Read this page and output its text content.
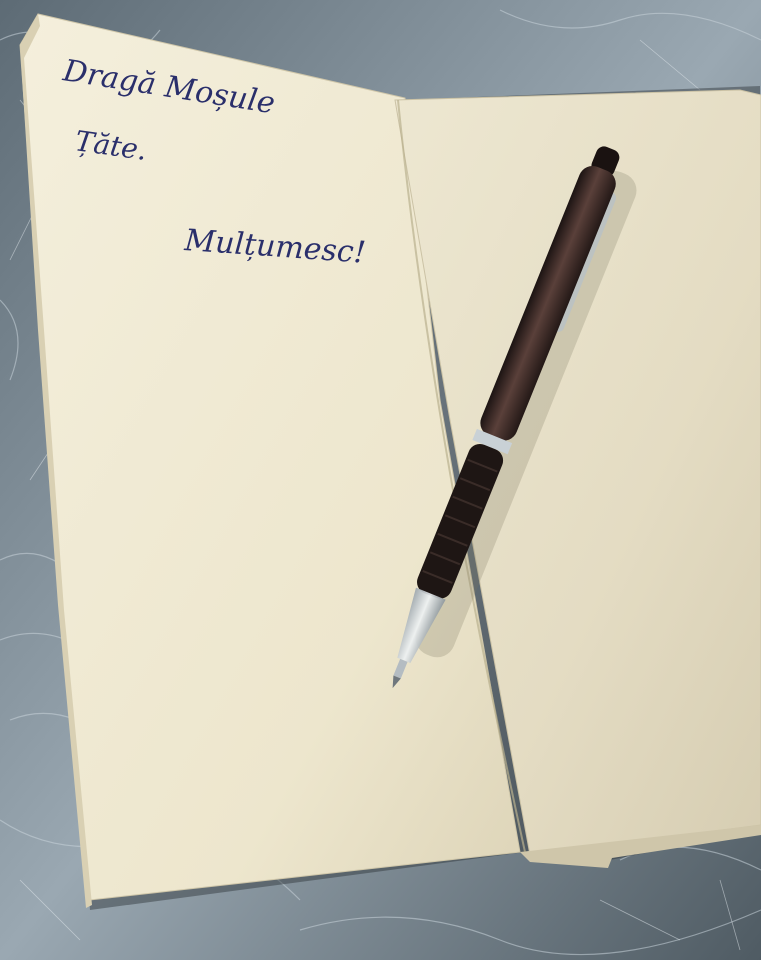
Dragă Moșule
Țăte.
Mulțumesc!
